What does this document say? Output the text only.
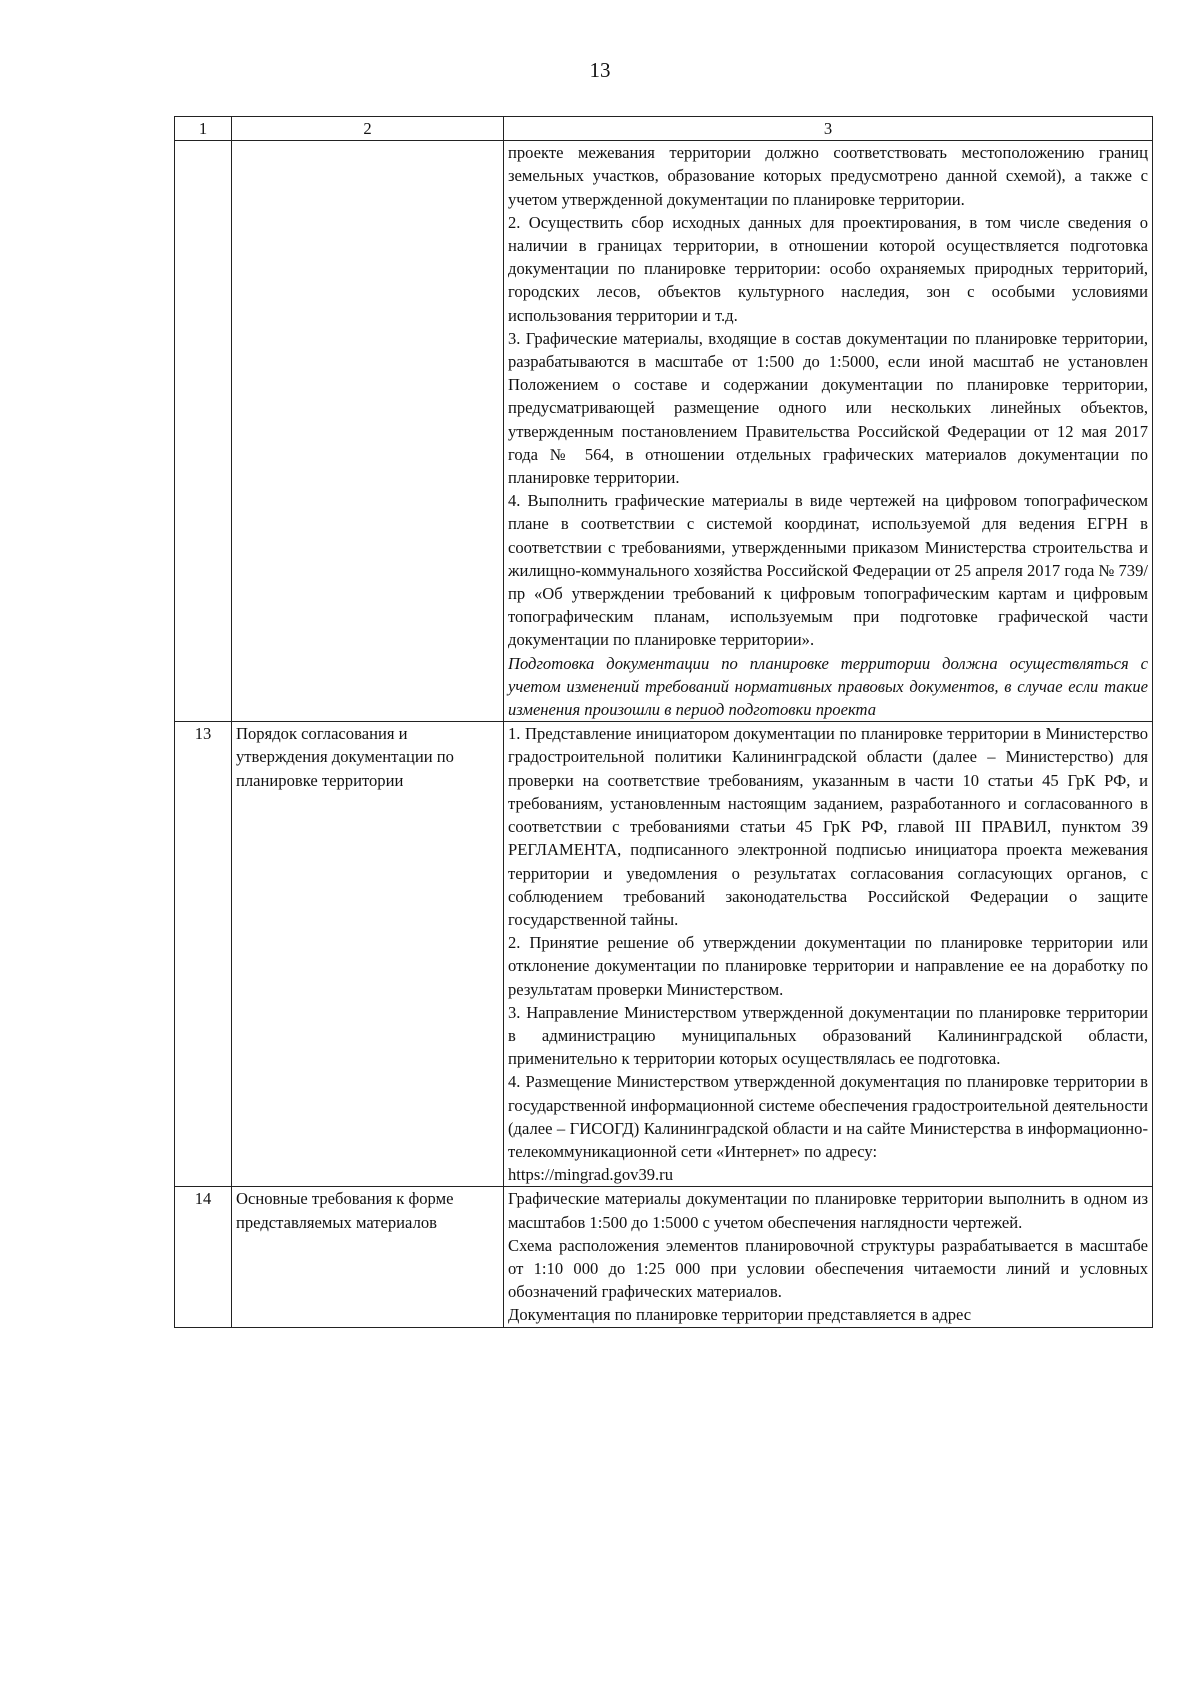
13
1	2	3

		проекте межевания территории должно соответствовать местоположению границ земельных участков, образование которых предусмотрено данной схемой), а также с учетом утвержденной документации по планировке территории.

2. Осуществить сбор исходных данных для проектирования, в том числе сведения о наличии в границах территории, в отношении которой осуществляется подготовка документации по планировке территории: особо охраняемых природных территорий, городских лесов, объектов культурного наследия, зон с особыми условиями использования территории и т.д.

3. Графические материалы, входящие в состав документации по планировке территории, разрабатываются в масштабе от 1:500 до 1:5000, если иной масштаб не установлен Положением о составе и содержании документации по планировке территории, предусматривающей размещение одного или нескольких линейных объектов, утвержденным постановлением Правительства Российской Федерации от 12 мая 2017 года № 564, в отношении отдельных графических материалов документации по планировке территории.

4. Выполнить графические материалы в виде чертежей на цифровом топографическом плане в соответствии с системой координат, используемой для ведения ЕГРН в соответствии с требованиями, утвержденными приказом Министерства строительства и жилищно-коммунального хозяйства Российской Федерации от 25 апреля 2017 года № 739/пр «Об утверждении требований к цифровым топографическим картам и цифровым топографическим планам, используемым при подготовке графической части документации по планировке территории».

Подготовка документации по планировке территории должна осуществляться с учетом изменений требований нормативных правовых документов, в случае если такие изменения произошли в период подготовки проекта

13	Порядок согласования и утверждения документации по планировке территории	1. Представление инициатором документации по планировке территории в Министерство градостроительной политики Калининградской области (далее – Министерство) для проверки на соответствие требованиям, указанным в части 10 статьи 45 ГрК РФ, и требованиям, установленным настоящим заданием, разработанного и согласованного в соответствии с требованиями статьи 45 ГрК РФ, главой III ПРАВИЛ, пунктом 39 РЕГЛАМЕНТА, подписанного электронной подписью инициатора проекта межевания территории и уведомления о результатах согласования согласующих органов, с соблюдением требований законодательства Российской Федерации о защите государственной тайны.

2. Принятие решение об утверждении документации по планировке территории или отклонение документации по планировке территории и направление ее на доработку по результатам проверки Министерством.

3. Направление Министерством утвержденной документации по планировке территории в администрацию муниципальных образований Калининградской области, применительно к территории которых осуществлялась ее подготовка.

4. Размещение Министерством утвержденной документация по планировке территории в государственной информационной системе обеспечения градостроительной деятельности (далее – ГИСОГД) Калининградской области и на сайте Министерства в информационно-телекоммуникационной сети «Интернет» по адресу:

https://mingrad.gov39.ru

14	Основные требования к форме представляемых материалов	Графические материалы документации по планировке территории выполнить в одном из масштабов 1:500 до 1:5000 с учетом обеспечения наглядности чертежей.

Схема расположения элементов планировочной структуры разрабатывается в масштабе от 1:10 000 до 1:25 000 при условии обеспечения читаемости линий и условных обозначений графических материалов.

Документация по планировке территории представляется в адрес
